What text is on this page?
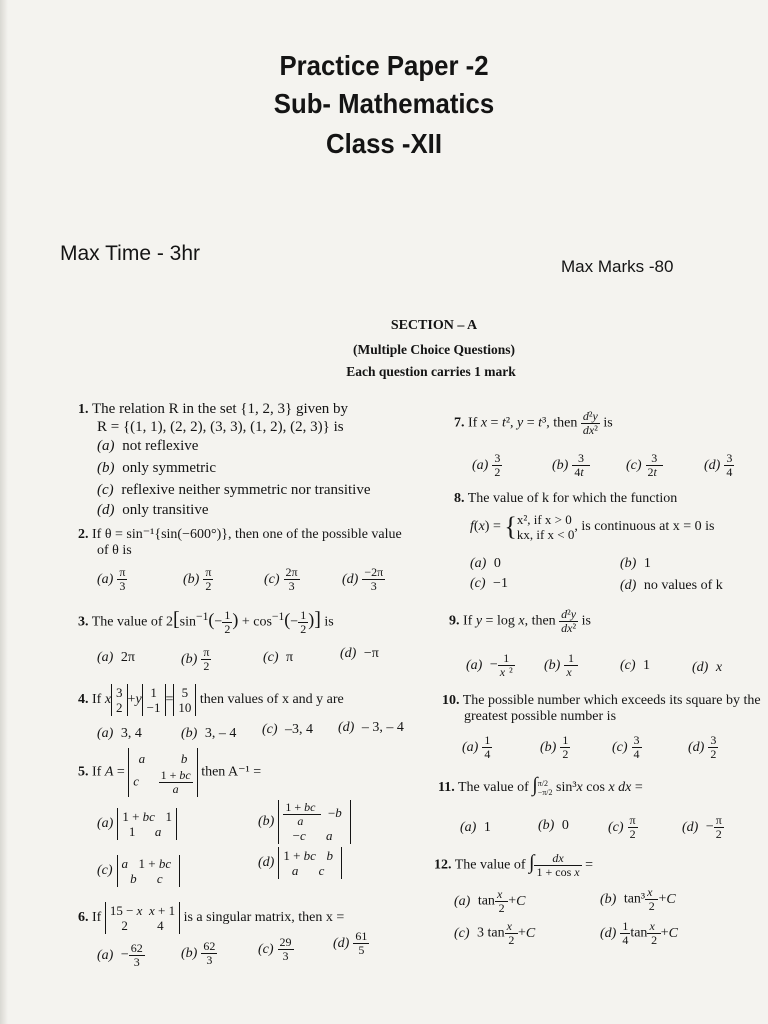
Practice Paper -2
Sub- Mathematics
Class -XII
Max Time - 3hr
Max Marks -80
SECTION – A
(Multiple Choice Questions)
Each question carries 1 mark
1. The relation R in the set {1, 2, 3} given by
R = {(1, 1), (2, 2), (3, 3), (1, 2), (2, 3)} is
(a) not reflexive
(b) only symmetric
(c) reflexive neither symmetric nor transitive
(d) only transitive
2. If θ = sin⁻¹{sin(−600°)}, then one of the possible value
of θ is
$(a) \frac{\pi}{3}$	$(b) \frac{\pi}{2}$	$(c) \frac{2\pi}{3}$	$(d) \frac{-2\pi}{3}$
3. The value of $2[\sin^{-1}(- \frac{1}{2}$ ) + $\cos^{-1}(- \frac{1}{2}$ )] is
(a) 2π	$(b) \frac{\pi}{2}$	(c) π	(d) −π
4. If x 3
2
+y 1
−1
= 5
10
then values of x and y are
(a) 3, 4	(b) 3, – 4 (c) –3, 4 (d) – 3, – 4
5. If A =
a	b
c $\frac{1 + bc}{a}$ then A⁻¹ =
(a) 1 + bc  1
1      a
$(b) \frac{1 + bc}{a} -b$
−c a
(c) a  1 + bc
b c
(d) 1 + bc b
a c
6. If 15 − x x + 1
2         4
is a singular matrix, then x =
$(a) - \frac{62}{3}$	$(b) \frac{62}{3}$	$(c) \frac{29}{3}$	$(d) \frac{61}{5}$
7. If x = t², y = t³, then $\frac{\text{d²y}}{\text{dx²}}$ is
$(a) \frac{3}{2}$	$(b) \frac{3}{4t}$	$(c) \frac{3}{2t}$	$(d) \frac{3}{4}$
8. The value of k for which the function
f(x) = { x², if x > 0
kx, if x < 0
, is continuous at x = 0 is
(a) 0	(b) 1
(c) −1	(d) no values of k
9. If y = log x, then $\frac{\text{d²y}}{\text{dx²}}$ is
$(a) - \frac{1}{\text{x ²}} (b) \frac{1}{x}$	(c) 1	(d) x
10. The possible number which exceeds its square by the
greatest possible number is
$(a) \frac{1}{4}$	$(b) \frac{1}{2}$	$(c) \frac{3}{4}$	$(d) \frac{3}{2}$
11. The value of ∫ π/2
−π/2 sin³x cos x dx =
(a) 1	(b) 0	$(c) \frac{\pi}{2}$	$(d) - \frac{\pi}{2}$
12. The value of ∫ $\frac{dx}{\text{1 + cos x}}$ =
(a) $\tan \frac{x}{2} +C$	(b) $\tan^3 \frac{x}{2} +C$
(c) 3 $\tan \frac{x}{2} +C$	$(d) \frac{1}{4}$ $\tan \frac{x}{2} +C$
